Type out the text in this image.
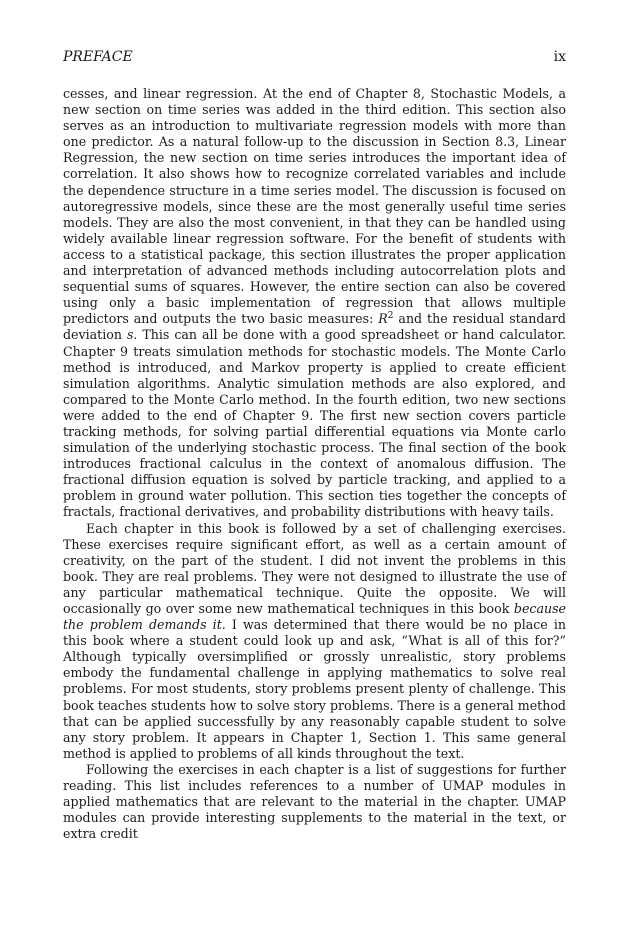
PREFACE	ix

cesses, and linear regression. At the end of Chapter 8, Stochastic Models, a new section on time series was added in the third edition. This section also serves as an introduction to multivariate regression models with more than one predictor. As a natural follow-up to the discussion in Section 8.3, Linear Regression, the new section on time series introduces the important idea of correlation. It also shows how to recognize correlated variables and include the dependence structure in a time series model. The discussion is focused on autoregressive models, since these are the most generally useful time series models. They are also the most convenient, in that they can be handled using widely available linear regression software. For the benefit of students with access to a statistical package, this section illustrates the proper application and interpretation of advanced methods including autocorrelation plots and sequential sums of squares. However, the entire section can also be covered using only a basic implementation of regression that allows multiple predictors and outputs the two basic measures: $R^2$ and the residual standard deviation s. This can all be done with a good spreadsheet or hand calculator. Chapter 9 treats simulation methods for stochastic models. The Monte Carlo method is introduced, and Markov property is applied to create efficient simulation algorithms. Analytic simulation methods are also explored, and compared to the Monte Carlo method. In the fourth edition, two new sections were added to the end of Chapter 9. The first new section covers particle tracking methods, for solving partial differential equations via Monte carlo simulation of the underlying stochastic process. The final section of the book introduces fractional calculus in the context of anomalous diffusion. The fractional diffusion equation is solved by particle tracking, and applied to a problem in ground water pollution. This section ties together the concepts of fractals, fractional derivatives, and probability distributions with heavy tails.

Each chapter in this book is followed by a set of challenging exercises. These exercises require significant effort, as well as a certain amount of creativity, on the part of the student. I did not invent the problems in this book. They are real problems. They were not designed to illustrate the use of any particular mathematical technique. Quite the opposite. We will occasionally go over some new mathematical techniques in this book because the problem demands it. I was determined that there would be no place in this book where a student could look up and ask, “What is all of this for?” Although typically oversimplified or grossly unrealistic, story problems embody the fundamental challenge in applying mathematics to solve real problems. For most students, story problems present plenty of challenge. This book teaches students how to solve story problems. There is a general method that can be applied successfully by any reasonably capable student to solve any story problem. It appears in Chapter 1, Section 1. This same general method is applied to problems of all kinds throughout the text.

Following the exercises in each chapter is a list of suggestions for further reading. This list includes references to a number of UMAP modules in applied mathematics that are relevant to the material in the chapter. UMAP modules can provide interesting supplements to the material in the text, or extra credit
